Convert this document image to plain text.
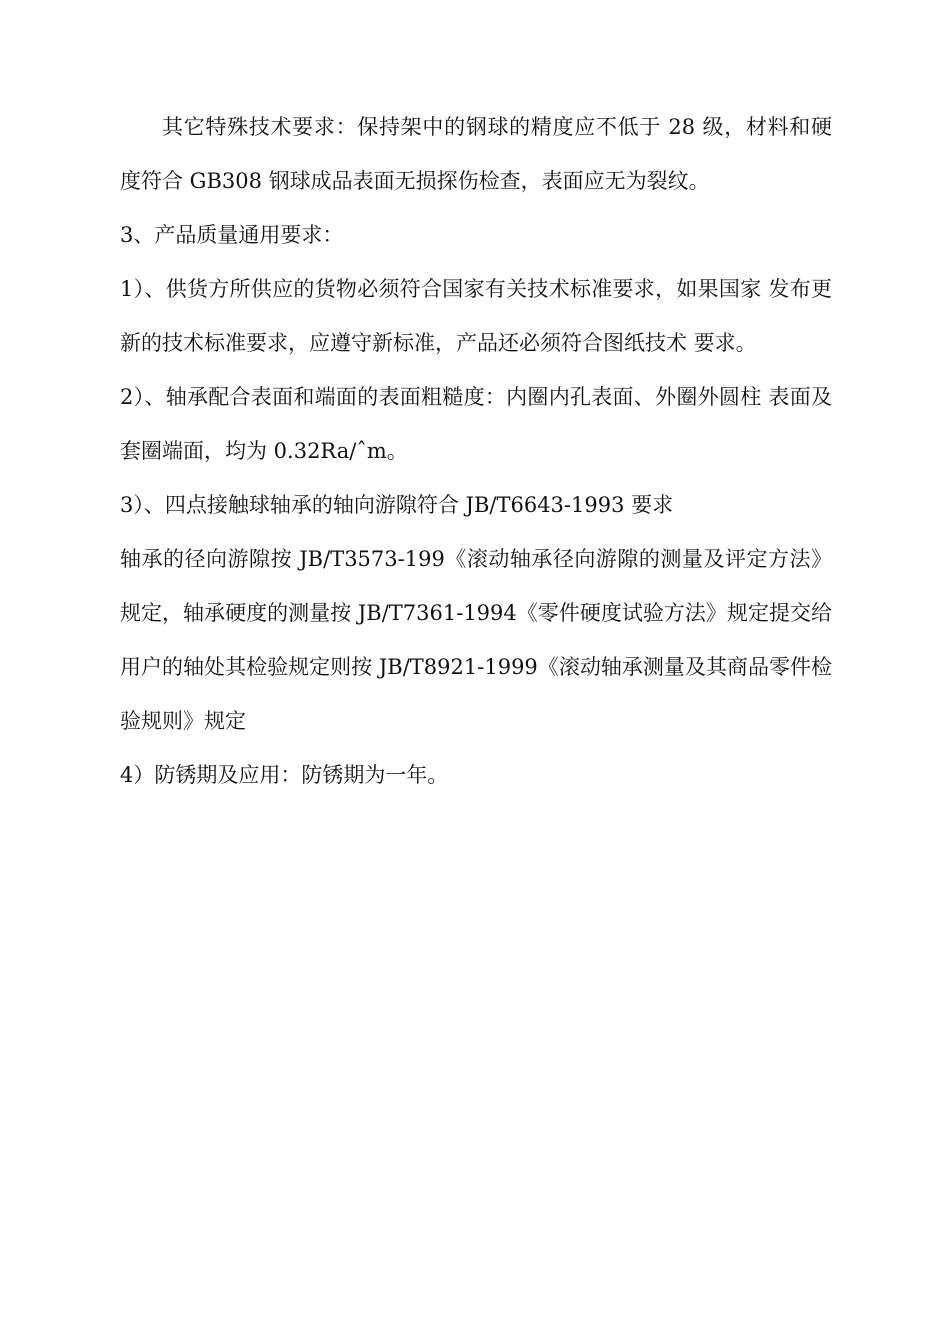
其它特殊技术要求：保持架中的钢球的精度应不低于 28 级，材料和硬度符合 GB308 钢球成品表面无损探伤检查，表面应无为裂纹。

3、产品质量通用要求：

1）、供货方所供应的货物必须符合国家有关技术标准要求，如果国家 发布更新的技术标准要求，应遵守新标准，产品还必须符合图纸技术 要求。

2）、轴承配合表面和端面的表面粗糙度：内圈内孔表面、外圈外圆柱 表面及套圈端面，均为 0.32Ra/ˆm。

3）、四点接触球轴承的轴向游隙符合 JB/T6643-1993 要求

轴承的径向游隙按 JB/T3573-199《滚动轴承径向游隙的测量及评定方法》规定，轴承硬度的测量按 JB/T7361-1994《零件硬度试验方法》规定提交给用户的轴处其检验规定则按 JB/T8921-1999《滚动轴承测量及其商品零件检验规则》规定

4）防锈期及应用：防锈期为一年。
